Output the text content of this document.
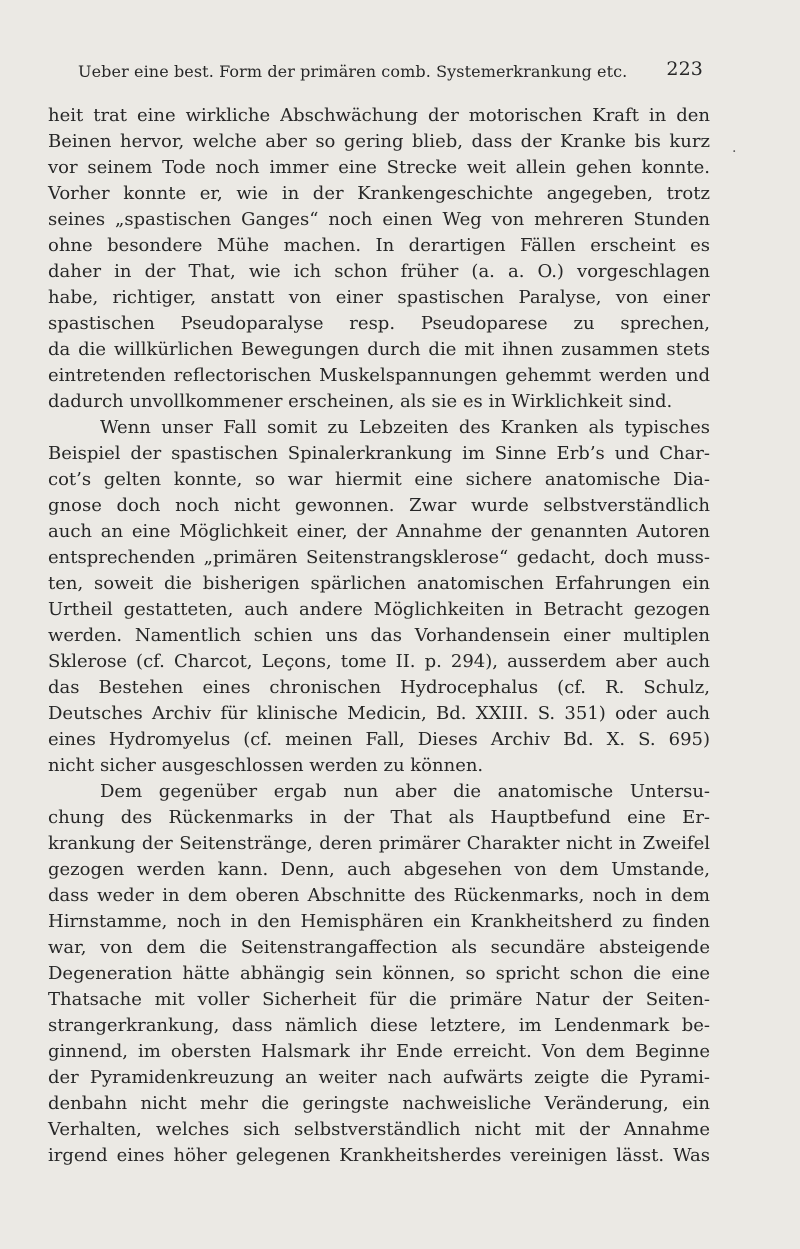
Ueber eine best. Form der primären comb. Systemerkrankung etc. 223
heit trat eine wirkliche Abschwächung der motorischen Kraft in den
Beinen hervor, welche aber so gering blieb, dass der Kranke bis kurz
vor seinem Tode noch immer eine Strecke weit allein gehen konnte.
Vorher konnte er, wie in der Krankengeschichte angegeben, trotz
seines „spastischen Ganges“ noch einen Weg von mehreren Stunden
ohne besondere Mühe machen. In derartigen Fällen erscheint es
daher in der That, wie ich schon früher (a. a. O.) vorgeschlagen
habe, richtiger, anstatt von einer spastischen Paralyse, von einer
spastischen Pseudoparalyse resp. Pseudoparese zu sprechen,
da die willkürlichen Bewegungen durch die mit ihnen zusammen stets
eintretenden reflectorischen Muskelspannungen gehemmt werden und
dadurch unvollkommener erscheinen, als sie es in Wirklichkeit sind.
Wenn unser Fall somit zu Lebzeiten des Kranken als typisches
Beispiel der spastischen Spinalerkrankung im Sinne Erb’s und Char-
cot’s gelten konnte, so war hiermit eine sichere anatomische Dia-
gnose doch noch nicht gewonnen. Zwar wurde selbstverständlich
auch an eine Möglichkeit einer, der Annahme der genannten Autoren
entsprechenden „primären Seitenstrangsklerose“ gedacht, doch muss-
ten, soweit die bisherigen spärlichen anatomischen Erfahrungen ein
Urtheil gestatteten, auch andere Möglichkeiten in Betracht gezogen
werden. Namentlich schien uns das Vorhandensein einer multiplen
Sklerose (cf. Charcot, Leçons, tome II. p. 294), ausserdem aber auch
das Bestehen eines chronischen Hydrocephalus (cf. R. Schulz,
Deutsches Archiv für klinische Medicin, Bd. XXIII. S. 351) oder auch
eines Hydromyelus (cf. meinen Fall, Dieses Archiv Bd. X. S. 695)
nicht sicher ausgeschlossen werden zu können.
Dem gegenüber ergab nun aber die anatomische Untersu-
chung des Rückenmarks in der That als Hauptbefund eine Er-
krankung der Seitenstränge, deren primärer Charakter nicht in Zweifel
gezogen werden kann. Denn, auch abgesehen von dem Umstande,
dass weder in dem oberen Abschnitte des Rückenmarks, noch in dem
Hirnstamme, noch in den Hemisphären ein Krankheitsherd zu finden
war, von dem die Seitenstrangaffection als secundäre absteigende
Degeneration hätte abhängig sein können, so spricht schon die eine
Thatsache mit voller Sicherheit für die primäre Natur der Seiten-
strangerkrankung, dass nämlich diese letztere, im Lendenmark be-
ginnend, im obersten Halsmark ihr Ende erreicht. Von dem Beginne
der Pyramidenkreuzung an weiter nach aufwärts zeigte die Pyrami-
denbahn nicht mehr die geringste nachweisliche Veränderung, ein
Verhalten, welches sich selbstverständlich nicht mit der Annahme
irgend eines höher gelegenen Krankheitsherdes vereinigen lässt. Was
.
